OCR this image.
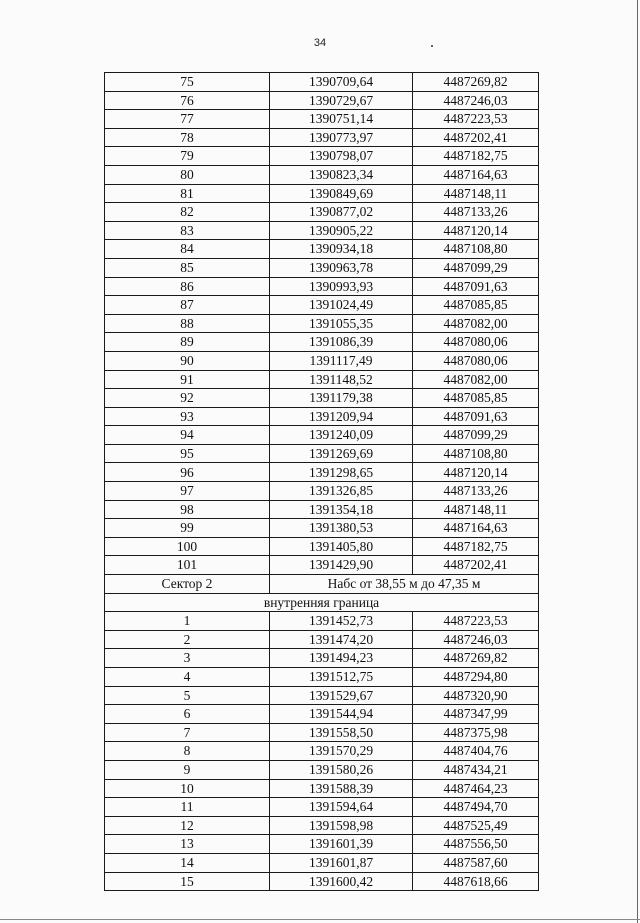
34
75	1390709,64	4487269,82
76	1390729,67	4487246,03
77	1390751,14	4487223,53
78	1390773,97	4487202,41
79	1390798,07	4487182,75
80	1390823,34	4487164,63
81	1390849,69	4487148,11
82	1390877,02	4487133,26
83	1390905,22	4487120,14
84	1390934,18	4487108,80
85	1390963,78	4487099,29
86	1390993,93	4487091,63
87	1391024,49	4487085,85
88	1391055,35	4487082,00
89	1391086,39	4487080,06
90	1391117,49	4487080,06
91	1391148,52	4487082,00
92	1391179,38	4487085,85
93	1391209,94	4487091,63
94	1391240,09	4487099,29
95	1391269,69	4487108,80
96	1391298,65	4487120,14
97	1391326,85	4487133,26
98	1391354,18	4487148,11
99	1391380,53	4487164,63
100	1391405,80	4487182,75
101	1391429,90	4487202,41
Сектор 2	Набс от 38,55 м до 47,35 м	
внутренняя граница		
1	1391452,73	4487223,53
2	1391474,20	4487246,03
3	1391494,23	4487269,82
4	1391512,75	4487294,80
5	1391529,67	4487320,90
6	1391544,94	4487347,99
7	1391558,50	4487375,98
8	1391570,29	4487404,76
9	1391580,26	4487434,21
10	1391588,39	4487464,23
11	1391594,64	4487494,70
12	1391598,98	4487525,49
13	1391601,39	4487556,50
14	1391601,87	4487587,60
15	1391600,42	4487618,66
